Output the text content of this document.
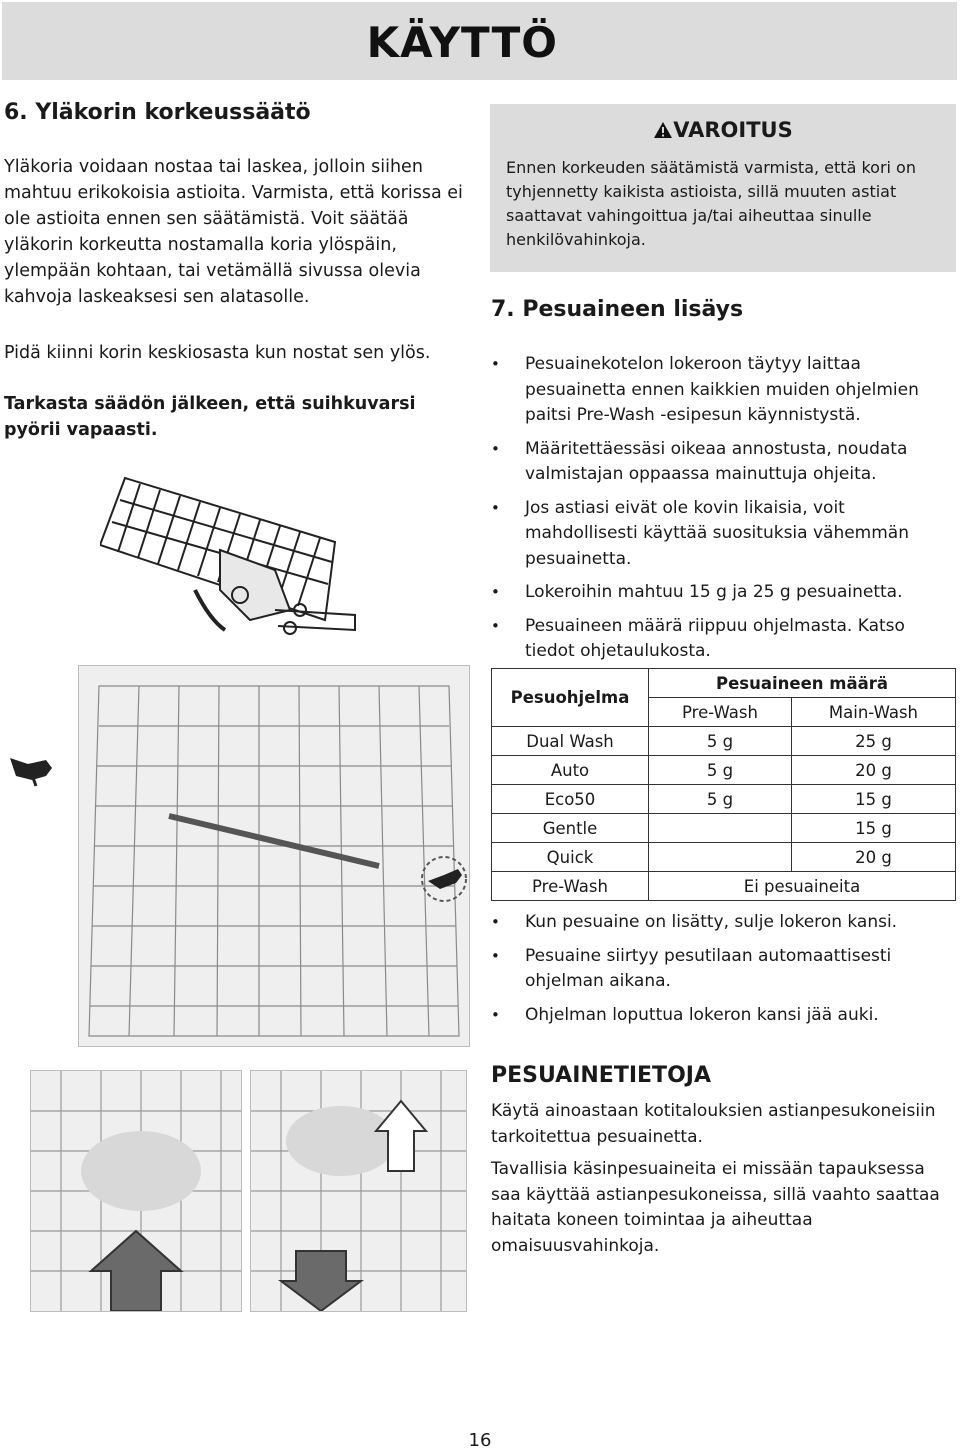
KÄYTTÖ
6. Yläkorin korkeussäätö

Yläkoria voidaan nostaa tai laskea, jolloin siihen mahtuu erikokoisia astioita. Varmista, että korissa ei ole astioita ennen sen säätämistä. Voit säätää yläkorin korkeutta nostamalla koria ylöspäin, ylempään kohtaan, tai vetämällä sivussa olevia kahvoja laskeaksesi sen alatasolle.

Pidä kiinni korin keskiosasta kun nostat sen ylös.

Tarkasta säädön jälkeen, että suihkuvarsi pyörii vapaasti.

VAROITUS

Ennen korkeuden säätämistä varmista, että kori on tyhjennetty kaikista astioista, sillä muuten astiat saattavat vahingoittua ja/tai aiheuttaa sinulle henkilövahinkoja.

7. Pesuaineen lisäys
• Pesuainekotelon lokeroon täytyy laittaa pesuainetta ennen kaikkien muiden ohjelmien paitsi Pre-Wash -esipesun käynnistystä.
• Määritettäessäsi oikeaa annostusta, noudata valmistajan oppaassa mainuttuja ohjeita.
• Jos astiasi eivät ole kovin likaisia, voit mahdollisesti käyttää suosituksia vähemmän pesuainetta.
• Lokeroihin mahtuu 15 g ja 25 g pesuainetta.
• Pesuaineen määrä riippuu ohjelmasta. Katso tiedot ohjetaulukosta.
Pesuohjelma	Pesuaineen määrä	
	Pre-Wash	Main-Wash
Dual Wash	5 g	25 g
Auto	5 g	20 g
Eco50	5 g	15 g
Gentle		15 g
Quick		20 g
Pre-Wash	Ei pesuaineita	
• Kun pesuaine on lisätty, sulje lokeron kansi.
• Pesuaine siirtyy pesutilaan automaattisesti ohjelman aikana.
• Ohjelman loputtua lokeron kansi jää auki.
PESUAINETIETOJA

Käytä ainoastaan kotitalouksien astianpesukoneisiin tarkoitettua pesuainetta.

Tavallisia käsinpesuaineita ei missään tapauksessa saa käyttää astianpesukoneissa, sillä vaahto saattaa haitata koneen toimintaa ja aiheuttaa omaisuusvahinkoja.

16
